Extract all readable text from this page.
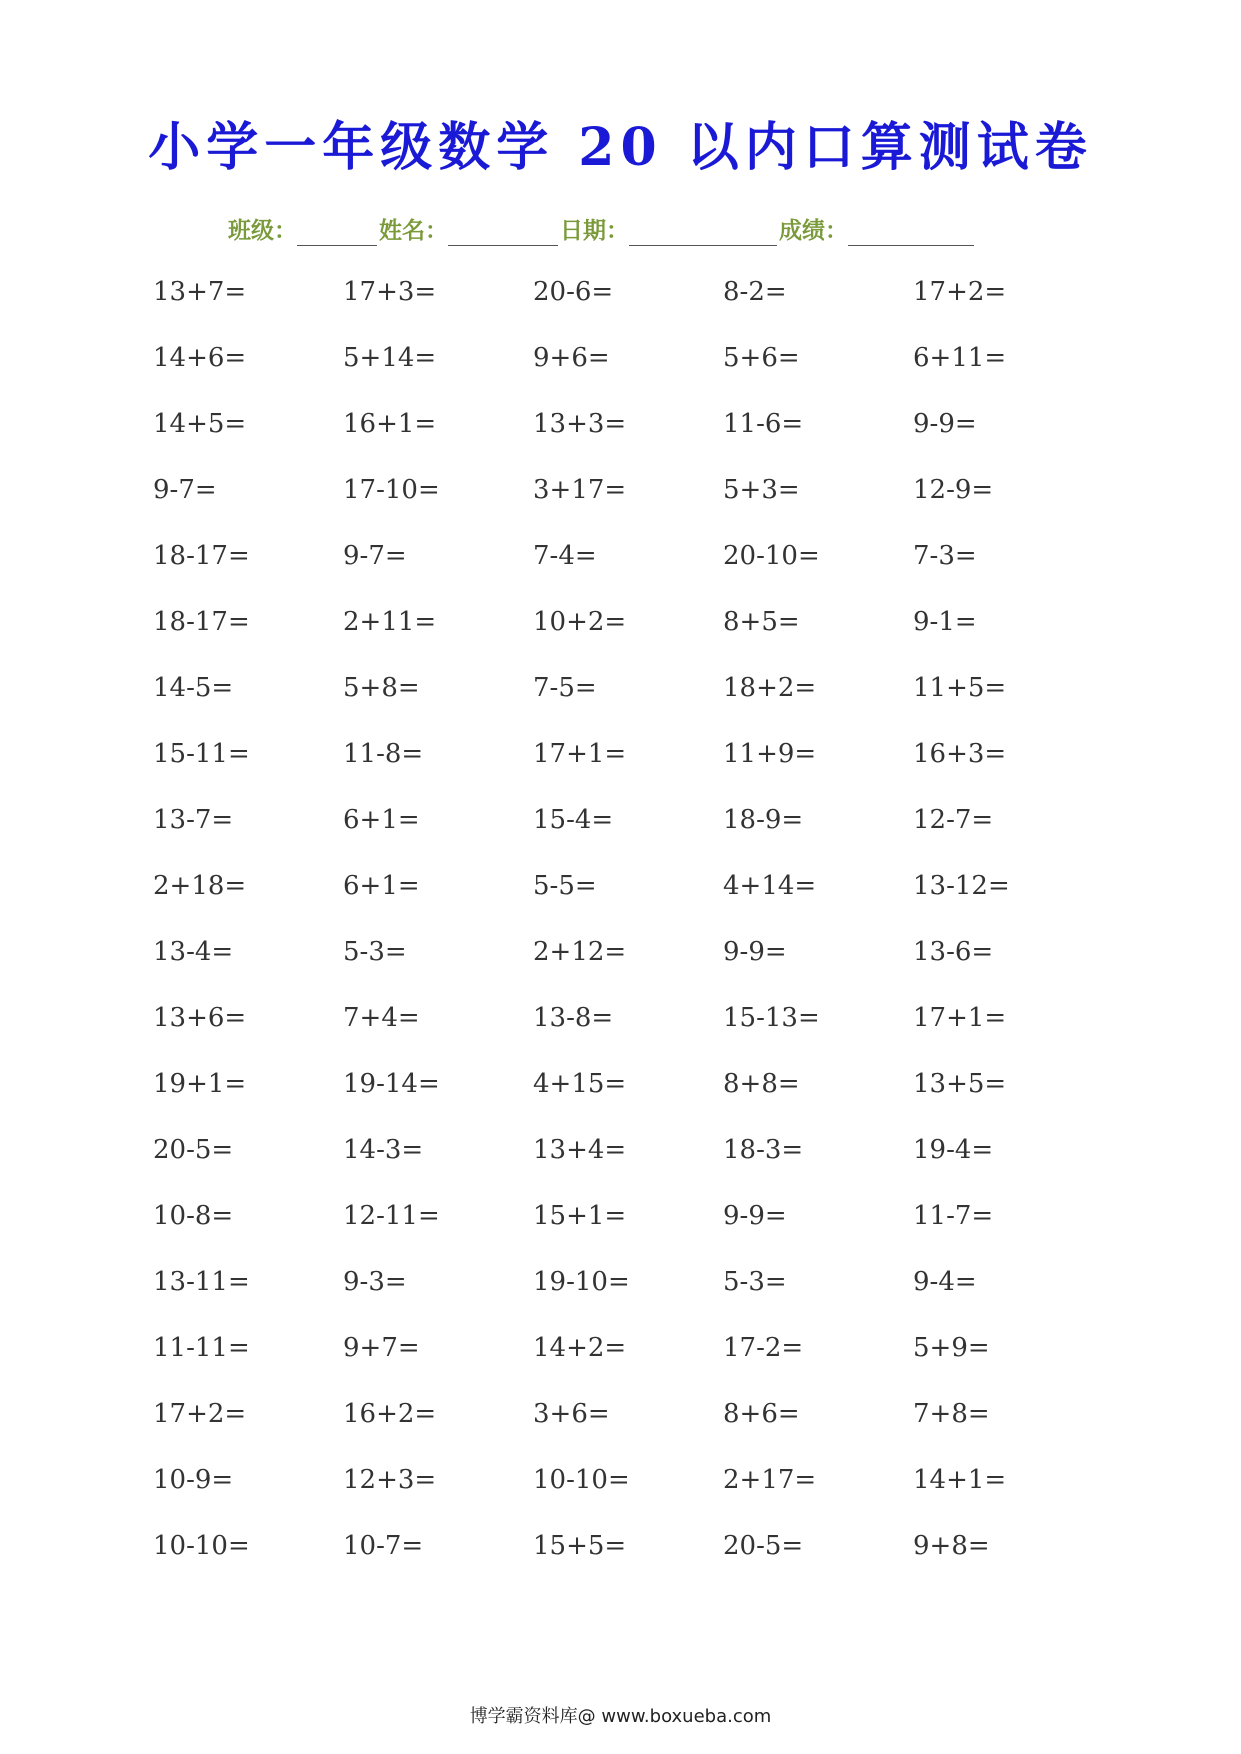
小学一年级数学 20 以内口算测试卷
班级：	姓名：	日期：	成绩：
13+7=	17+3=	20-6=	8-2=	17+2=
14+6=	5+14=	9+6=	5+6=	6+11=
14+5=	16+1=	13+3=	11-6=	9-9=
9-7=	17-10=	3+17=	5+3=	12-9=
18-17=	9-7=	7-4=	20-10=	7-3=
18-17=	2+11=	10+2=	8+5=	9-1=
14-5=	5+8=	7-5=	18+2=	11+5=
15-11=	11-8=	17+1=	11+9=	16+3=
13-7=	6+1=	15-4=	18-9=	12-7=
2+18=	6+1=	5-5=	4+14=	13-12=
13-4=	5-3=	2+12=	9-9=	13-6=
13+6=	7+4=	13-8=	15-13=	17+1=
19+1=	19-14=	4+15=	8+8=	13+5=
20-5=	14-3=	13+4=	18-3=	19-4=
10-8=	12-11=	15+1=	9-9=	11-7=
13-11=	9-3=	19-10=	5-3=	9-4=
11-11=	9+7=	14+2=	17-2=	5+9=
17+2=	16+2=	3+6=	8+6=	7+8=
10-9=	12+3=	10-10=	2+17=	14+1=
10-10=	10-7=	15+5=	20-5=	9+8=
博学霸资料库@ www.boxueba.com
